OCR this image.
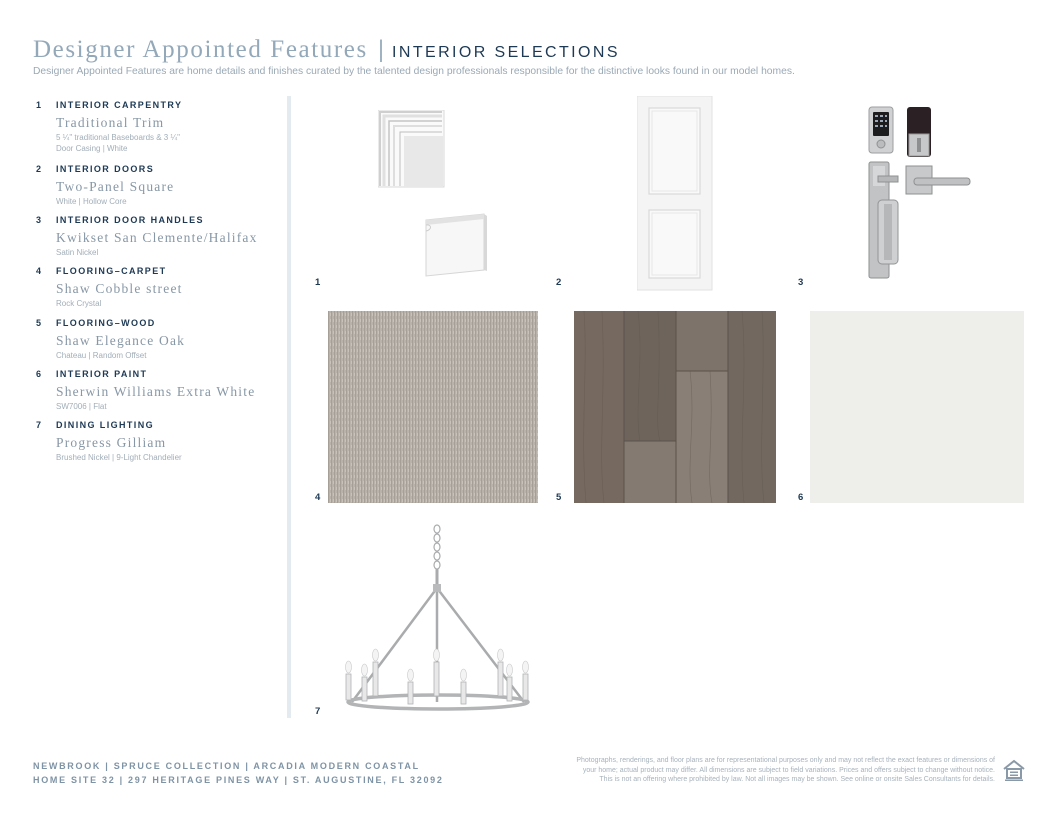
Designer Appointed Features | INTERIOR SELECTIONS
Designer Appointed Features are home details and finishes curated by the talented design professionals responsible for the distinctive looks found in our model homes.
1 INTERIOR CARPENTRY
Traditional Trim
5 ¼" traditional Baseboards & 3 ¼"
Door Casing | White
2 INTERIOR DOORS
Two-Panel Square
White | Hollow Core
3 INTERIOR DOOR HANDLES
Kwikset San Clemente/Halifax
Satin Nickel
4 FLOORING–CARPET
Shaw Cobble street
Rock Crystal
5 FLOORING–WOOD
Shaw Elegance Oak
Chateau | Random Offset
6 INTERIOR PAINT
Sherwin Williams Extra White
SW7006 | Flat
7 DINING LIGHTING
Progress Gilliam
Brushed Nickel | 9-Light Chandelier
1	2	3
4	5	6
7
NEWBROOK | SPRUCE COLLECTION | ARCADIA MODERN COASTAL
HOME SITE 32 | 297 HERITAGE PINES WAY | ST. AUGUSTINE, FL 32092
Photographs, renderings, and floor plans are for representational purposes only and may not reflect the exact features or dimensions of
your home; actual product may differ. All dimensions are subject to field variations. Prices and offers subject to change without notice.
This is not an offering where prohibited by law. Not all images may be shown. See online or onsite Sales Consultants for details.
